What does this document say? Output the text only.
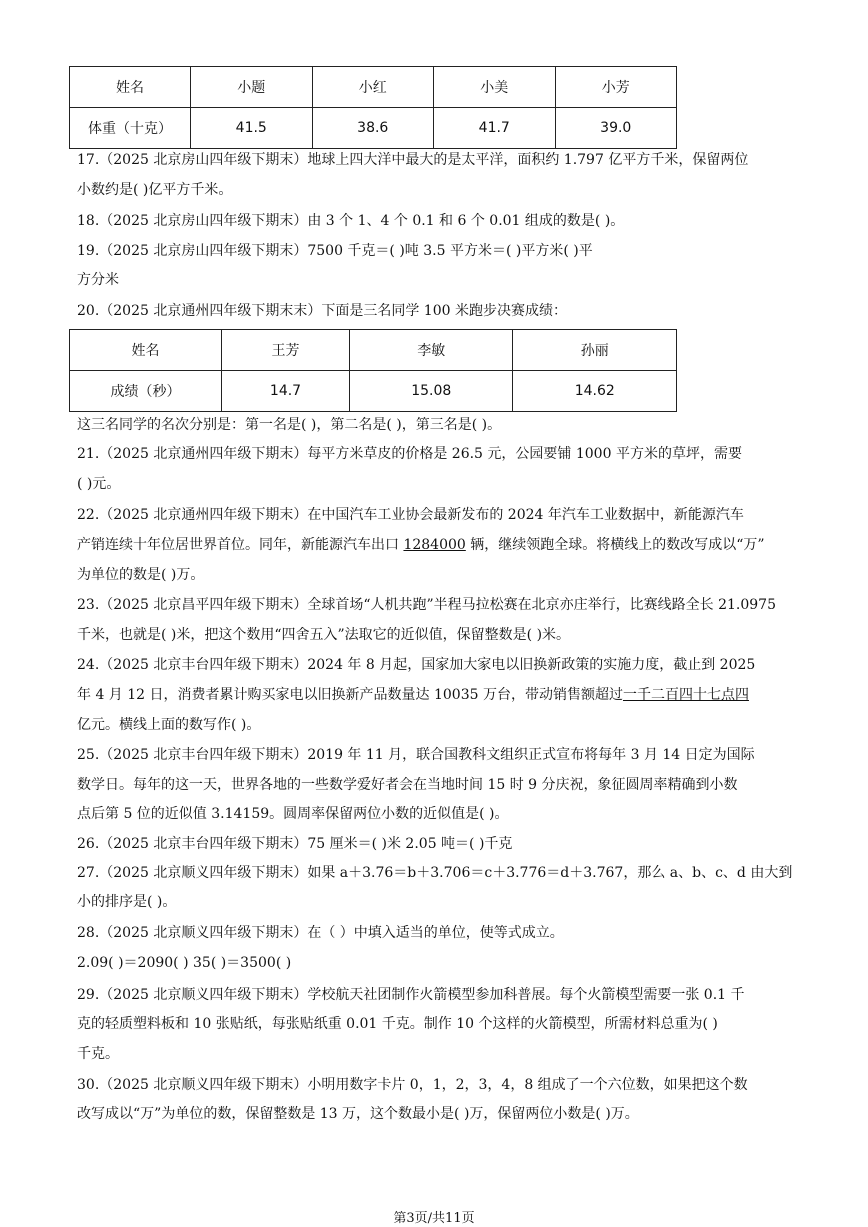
姓名	小题	小红	小美	小芳
体重（十克）	41.5	38.6	41.7	39.0
17.（2025 北京房山四年级下期末）地球上四大洋中最大的是太平洋，面积约 1.797 亿平方千米，保留两位
小数约是( )亿平方千米。
18.（2025 北京房山四年级下期末）由 3 个 1、4 个 0.1 和 6 个 0.01 组成的数是( )。
19.（2025 北京房山四年级下期末）7500 千克＝( )吨 3.5 平方米＝( )平方米( )平
方分米
20.（2025 北京通州四年级下期末末）下面是三名同学 100 米跑步决赛成绩：
姓名	王芳	李敏	孙丽
成绩（秒）	14.7	15.08	14.62
这三名同学的名次分别是：第一名是( )，第二名是( )，第三名是( )。
21.（2025 北京通州四年级下期末）每平方米草皮的价格是 26.5 元，公园要铺 1000 平方米的草坪，需要
( )元。
22.（2025 北京通州四年级下期末）在中国汽车工业协会最新发布的 2024 年汽车工业数据中，新能源汽车
产销连续十年位居世界首位。同年，新能源汽车出口 1284000 辆，继续领跑全球。将横线上的数改写成以“万”
为单位的数是( )万。
23.（2025 北京昌平四年级下期末）全球首场“人机共跑”半程马拉松赛在北京亦庄举行，比赛线路全长 21.0975
千米，也就是( )米，把这个数用“四舍五入”法取它的近似值，保留整数是( )米。
24.（2025 北京丰台四年级下期末）2024 年 8 月起，国家加大家电以旧换新政策的实施力度，截止到 2025
年 4 月 12 日，消费者累计购买家电以旧换新产品数量达 10035 万台，带动销售额超过一千二百四十七点四
亿元。横线上面的数写作( )。
25.（2025 北京丰台四年级下期末）2019 年 11 月，联合国教科文组织正式宣布将每年 3 月 14 日定为国际
数学日。每年的这一天，世界各地的一些数学爱好者会在当地时间 15 时 9 分庆祝，象征圆周率精确到小数
点后第 5 位的近似值 3.14159。圆周率保留两位小数的近似值是( )。
26.（2025 北京丰台四年级下期末）75 厘米＝( )米 2.05 吨＝( )千克
27.（2025 北京顺义四年级下期末）如果 a＋3.76＝b＋3.706＝c＋3.776＝d＋3.767，那么 a、b、c、d 由大到
小的排序是( )。
28.（2025 北京顺义四年级下期末）在（ ）中填入适当的单位，使等式成立。
2.09( )＝2090( ) 35( )＝3500( )
29.（2025 北京顺义四年级下期末）学校航天社团制作火箭模型参加科普展。每个火箭模型需要一张 0.1 千
克的轻质塑料板和 10 张贴纸，每张贴纸重 0.01 千克。制作 10 个这样的火箭模型，所需材料总重为( )
千克。
30.（2025 北京顺义四年级下期末）小明用数字卡片 0，1，2，3，4，8 组成了一个六位数，如果把这个数
改写成以“万”为单位的数，保留整数是 13 万，这个数最小是( )万，保留两位小数是( )万。
第3页/共11页
